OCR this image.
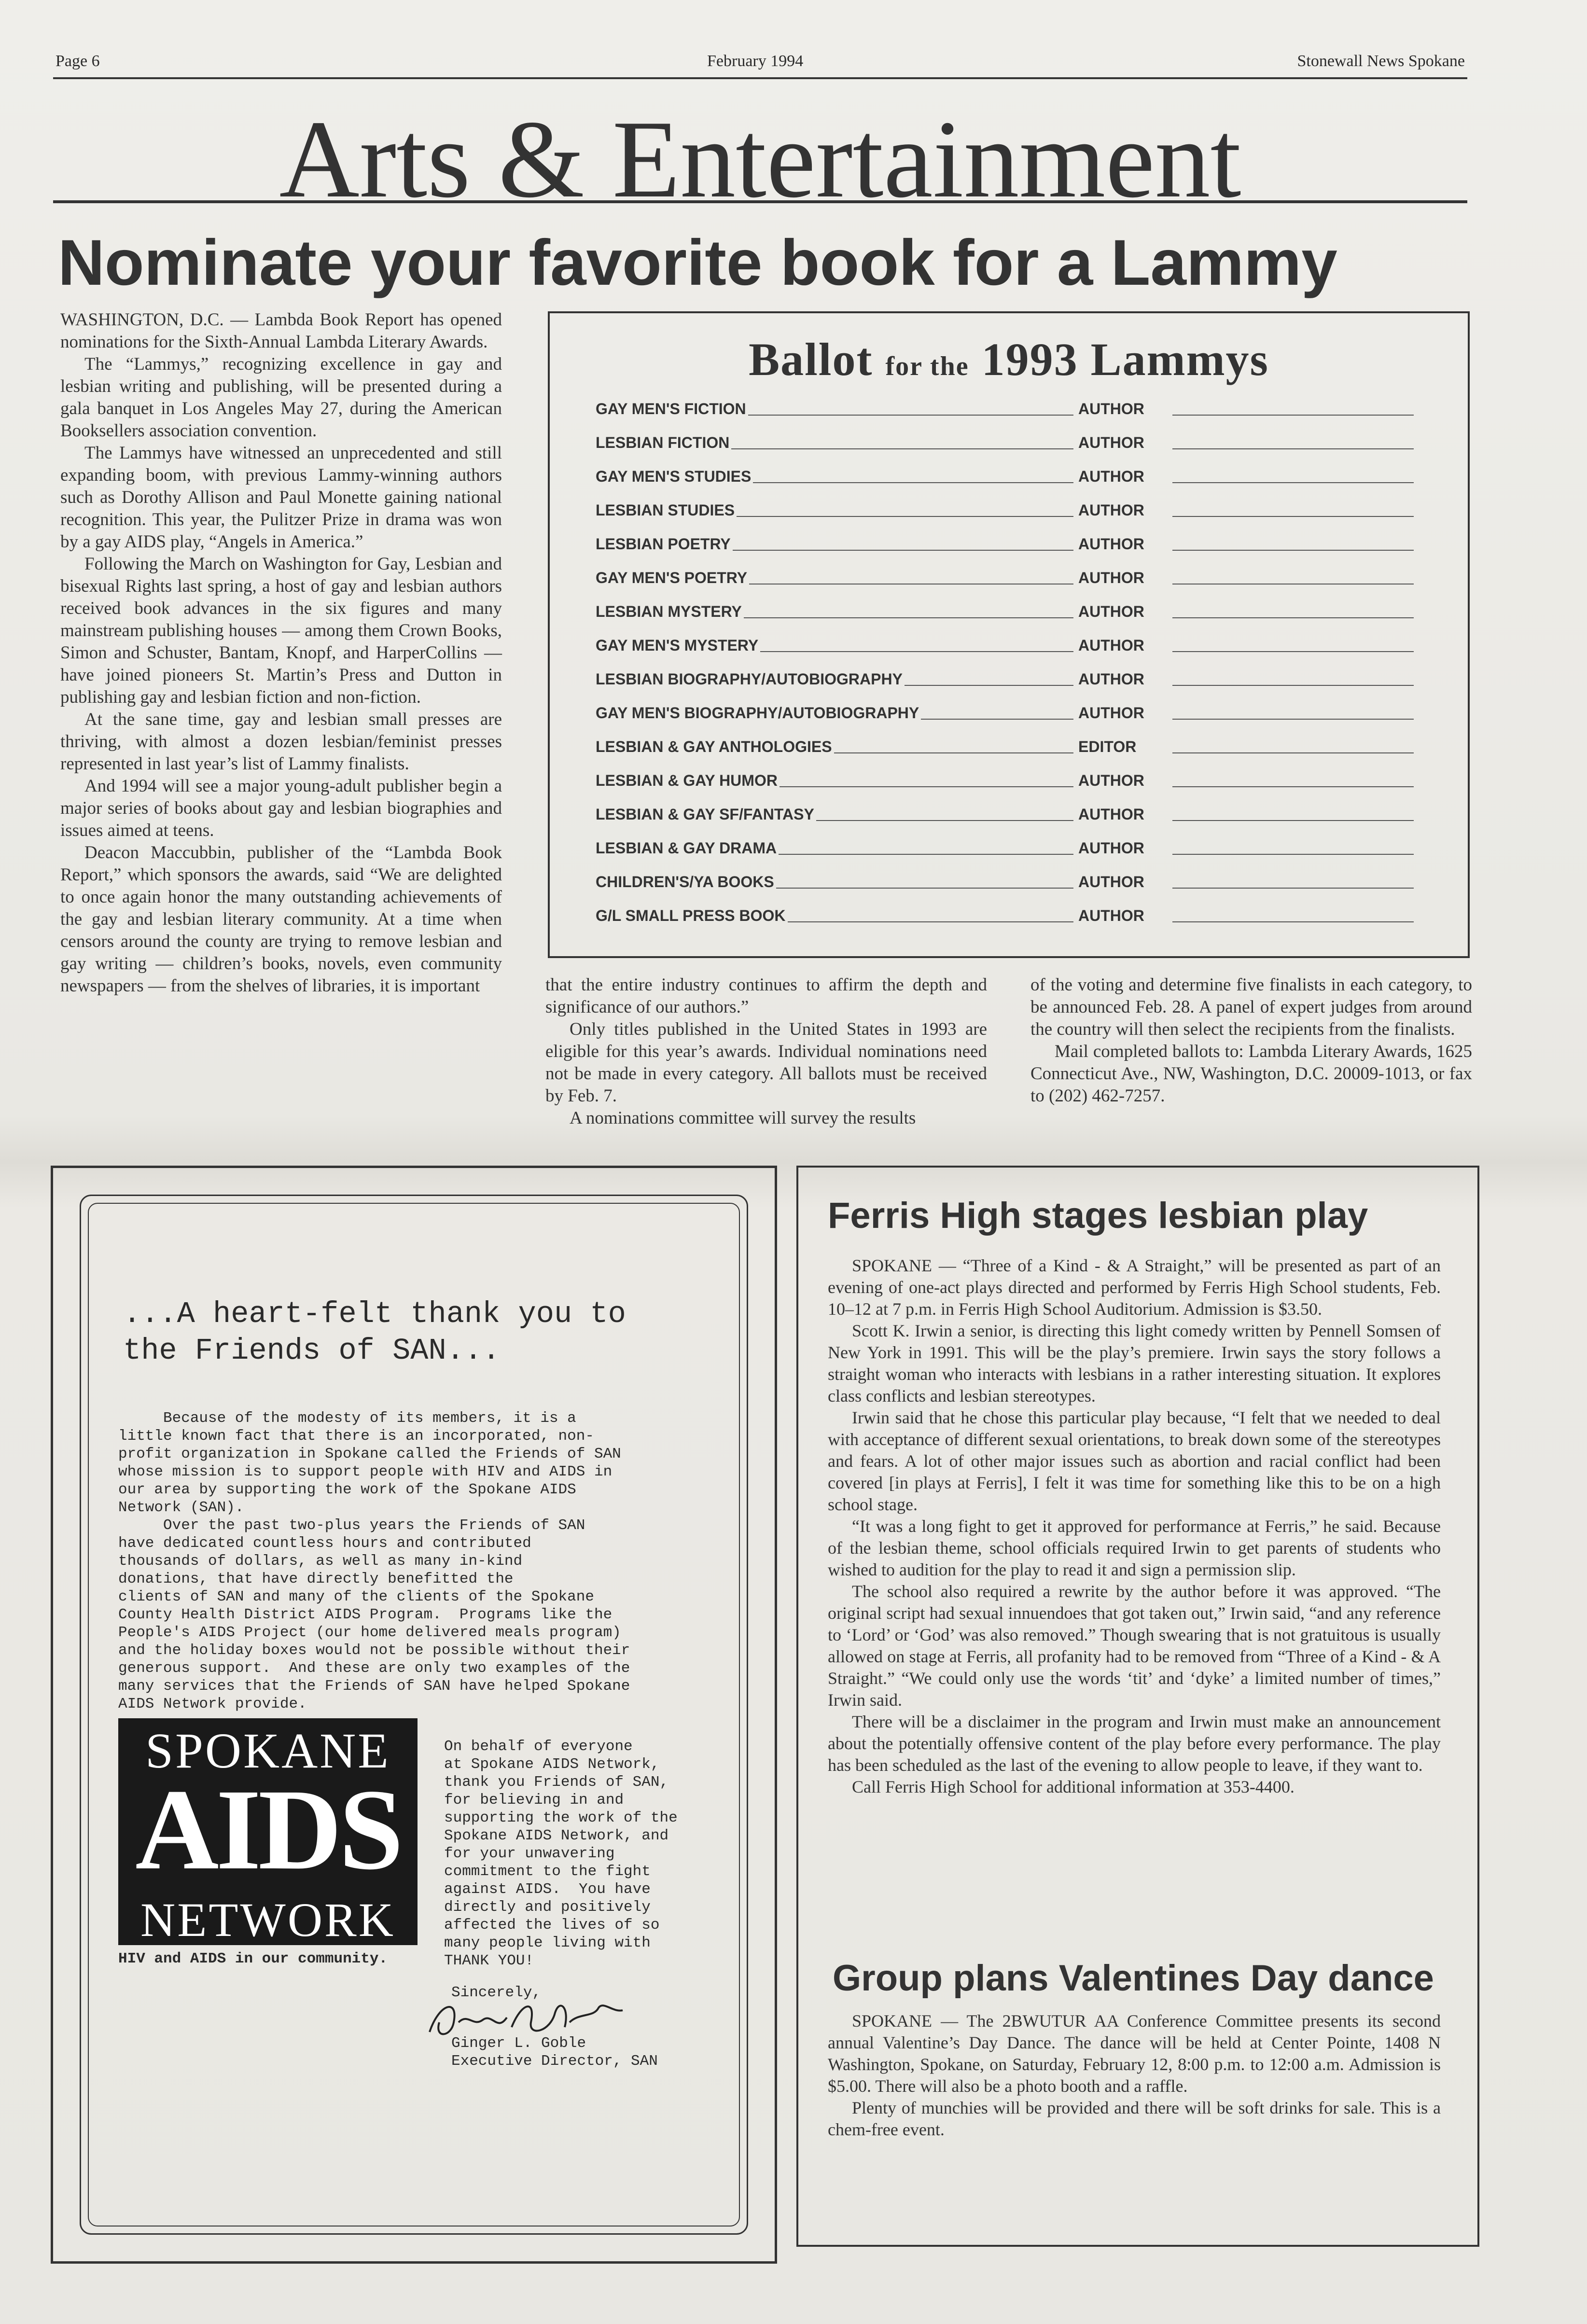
Page 6	February 1994	Stonewall News Spokane
Arts & Entertainment
Nominate your favorite book for a Lammy

WASHINGTON, D.C. — Lambda Book Report has opened nominations for the Sixth-Annual Lambda Literary Awards.

The “Lammys,” recognizing excellence in gay and lesbian writing and publishing, will be presented during a gala banquet in Los Angeles May 27, during the American Booksellers association convention.

The Lammys have witnessed an unprecedented and still expanding boom, with previous Lammy-winning authors such as Dorothy Allison and Paul Monette gaining national recognition. This year, the Pulitzer Prize in drama was won by a gay AIDS play, “Angels in America.”

Following the March on Washington for Gay, Lesbian and bisexual Rights last spring, a host of gay and lesbian authors received book advances in the six figures and many mainstream publishing houses — among them Crown Books, Simon and Schuster, Bantam, Knopf, and HarperCollins — have joined pioneers St. Martin’s Press and Dutton in publishing gay and lesbian fiction and non-fiction.

At the sane time, gay and lesbian small presses are thriving, with almost a dozen lesbian/feminist presses represented in last year’s list of Lammy finalists.

And 1994 will see a major young-adult publisher begin a major series of books about gay and lesbian biographies and issues aimed at teens.

Deacon Maccubbin, publisher of the “Lambda Book Report,” which sponsors the awards, said “We are delighted to once again honor the many outstanding achievements of the gay and lesbian literary community. At a time when censors around the county are trying to remove lesbian and gay writing — children’s books, novels, even community newspapers — from the shelves of libraries, it is important

Ballot for the 1993 Lammys
GAY MEN'S FICTION	AUTHOR
LESBIAN FICTION	AUTHOR
GAY MEN'S STUDIES	AUTHOR
LESBIAN STUDIES	AUTHOR
LESBIAN POETRY	AUTHOR
GAY MEN'S POETRY	AUTHOR
LESBIAN MYSTERY	AUTHOR
GAY MEN'S MYSTERY	AUTHOR
LESBIAN BIOGRAPHY/AUTOBIOGRAPHY	AUTHOR
GAY MEN'S BIOGRAPHY/AUTOBIOGRAPHY	AUTHOR
LESBIAN & GAY ANTHOLOGIES	EDITOR
LESBIAN & GAY HUMOR	AUTHOR
LESBIAN & GAY SF/FANTASY	AUTHOR
LESBIAN & GAY DRAMA	AUTHOR
CHILDREN'S/YA BOOKS	AUTHOR
G/L SMALL PRESS BOOK	AUTHOR

that the entire industry continues to affirm the depth and significance of our authors.”

Only titles published in the United States in 1993 are eligible for this year’s awards. Individual nominations need not be made in every category. All ballots must be received by Feb. 7.

A nominations committee will survey the results

of the voting and determine five finalists in each category, to be announced Feb. 28. A panel of expert judges from around the country will then select the recipients from the finalists.

Mail completed ballots to: Lambda Literary Awards, 1625 Connecticut Ave., NW, Washington, D.C. 20009-1013, or fax to (202) 462-7257.

...A heart-felt thank you to
the Friends of SAN...
Because of the modesty of its members, it is a
little known fact that there is an incorporated, non-
profit organization in Spokane called the Friends of SAN
whose mission is to support people with HIV and AIDS in
our area by supporting the work of the Spokane AIDS
Network (SAN).
Over the past two-plus years the Friends of SAN
have dedicated countless hours and contributed
thousands of dollars, as well as many in-kind
donations, that have directly benefitted the
clients of SAN and many of the clients of the Spokane
County Health District AIDS Program.  Programs like the
People's AIDS Project (our home delivered meals program)
and the holiday boxes would not be possible without their
generous support.  And these are only two examples of the
many services that the Friends of SAN have helped Spokane
AIDS Network provide.
SPOKANE
AIDS
NETWORK
HIV and AIDS in our community.
On behalf of everyone
at Spokane AIDS Network,
thank you Friends of SAN,
for believing in and
supporting the work of the
Spokane AIDS Network, and
for your unwavering
commitment to the fight
against AIDS.  You have
directly and positively
affected the lives of so
many people living with
THANK YOU!
Sincerely,
Ginger L. Goble
Executive Director, SAN
Ferris High stages lesbian play

SPOKANE — “Three of a Kind - & A Straight,” will be presented as part of an evening of one-act plays directed and performed by Ferris High School students, Feb. 10–12 at 7 p.m. in Ferris High School Auditorium. Admission is $3.50.

Scott K. Irwin a senior, is directing this light comedy written by Pennell Somsen of New York in 1991. This will be the play’s premiere. Irwin says the story follows a straight woman who interacts with lesbians in a rather interesting situation. It explores class conflicts and lesbian stereotypes.

Irwin said that he chose this particular play because, “I felt that we needed to deal with acceptance of different sexual orientations, to break down some of the stereotypes and fears. A lot of other major issues such as abortion and racial conflict had been covered [in plays at Ferris], I felt it was time for something like this to be on a high school stage.

“It was a long fight to get it approved for performance at Ferris,” he said. Because of the lesbian theme, school officials required Irwin to get parents of students who wished to audition for the play to read it and sign a permission slip.

The school also required a rewrite by the author before it was approved. “The original script had sexual innuendoes that got taken out,” Irwin said, “and any reference to ‘Lord’ or ‘God’ was also removed.” Though swearing that is not gratuitous is usually allowed on stage at Ferris, all profanity had to be removed from “Three of a Kind - & A Straight.” “We could only use the words ‘tit’ and ‘dyke’ a limited number of times,” Irwin said.

There will be a disclaimer in the program and Irwin must make an announcement about the potentially offensive content of the play before every performance. The play has been scheduled as the last of the evening to allow people to leave, if they want to.

Call Ferris High School for additional information at 353-4400.

Group plans Valentines Day dance

SPOKANE — The 2BWUTUR AA Conference Committee presents its second annual Valentine’s Day Dance. The dance will be held at Center Pointe, 1408 N Washington, Spokane, on Saturday, February 12, 8:00 p.m. to 12:00 a.m. Admission is $5.00. There will also be a photo booth and a raffle.

Plenty of munchies will be provided and there will be soft drinks for sale. This is a chem-free event.
